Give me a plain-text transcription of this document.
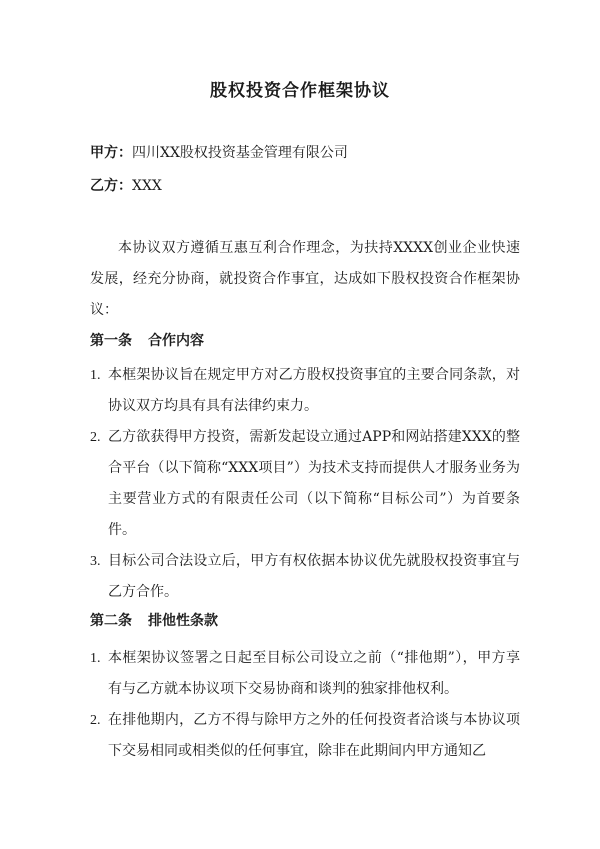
股权投资合作框架协议

甲方：四川XX股权投资基金管理有限公司

乙方：XXX

本协议双方遵循互惠互利合作理念，为扶持XXXX创业企业快速发展，经充分协商，就投资合作事宜，达成如下股权投资合作框架协议：

第一条 合作内容
1. 本框架协议旨在规定甲方对乙方股权投资事宜的主要合同条款，对协议双方均具有具有法律约束力。
2. 乙方欲获得甲方投资，需新发起设立通过APP和网站搭建XXX的整合平台（以下简称“XXX项目”）为技术支持而提供人才服务业务为主要营业方式的有限责任公司（以下简称“目标公司”）为首要条件。
3. 目标公司合法设立后，甲方有权依据本协议优先就股权投资事宜与乙方合作。
第二条 排他性条款
1. 本框架协议签署之日起至目标公司设立之前（“排他期”），甲方享有与乙方就本协议项下交易协商和谈判的独家排他权利。
2. 在排他期内，乙方不得与除甲方之外的任何投资者洽谈与本协议项下交易相同或相类似的任何事宜，除非在此期间内甲方通知乙
